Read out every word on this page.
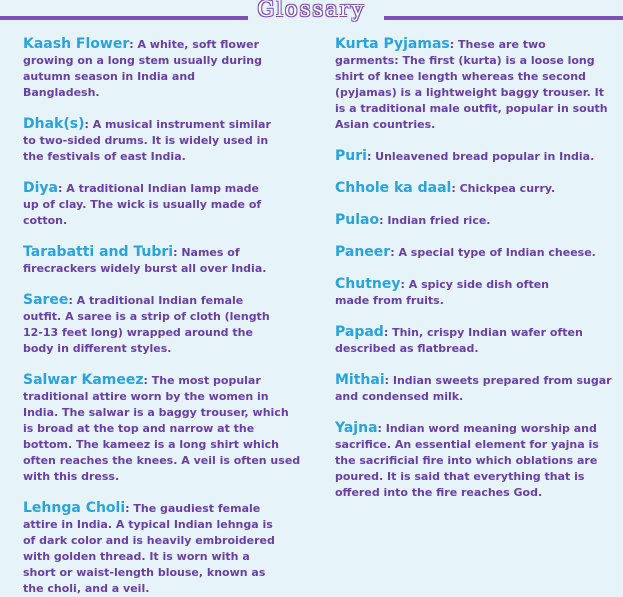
Glossary

Kaash Flower: A white, soft flower growing on a long stem usually during autumn season in India and Bangladesh.

Dhak(s): A musical instrument similar to two-sided drums. It is widely used in the festivals of east India.

Diya: A traditional Indian lamp made up of clay. The wick is usually made of cotton.

Tarabatti and Tubri: Names of firecrackers widely burst all over India.

Saree: A traditional Indian female outfit. A saree is a strip of cloth (length 12-13 feet long) wrapped around the body in different styles.

Salwar Kameez: The most popular traditional attire worn by the women in India. The salwar is a baggy trouser, which is broad at the top and narrow at the bottom. The kameez is a long shirt which often reaches the knees. A veil is often used with this dress.

Lehnga Choli: The gaudiest female attire in India. A typical Indian lehnga is of dark color and is heavily embroidered with golden thread. It is worn with a short or waist-length blouse, known as the choli, and a veil.

Kurta Pyjamas: These are two garments: The first (kurta) is a loose long shirt of knee length whereas the second (pyjamas) is a lightweight baggy trouser. It is a traditional male outfit, popular in south Asian countries.

Puri: Unleavened bread popular in India.

Chhole ka daal: Chickpea curry.

Pulao: Indian fried rice.

Paneer: A special type of Indian cheese.

Chutney: A spicy side dish often made from fruits.

Papad: Thin, crispy Indian wafer often described as flatbread.

Mithai: Indian sweets prepared from sugar and condensed milk.

Yajna: Indian word meaning worship and sacrifice. An essential element for yajna is the sacrificial fire into which oblations are poured. It is said that everything that is offered into the fire reaches God.
